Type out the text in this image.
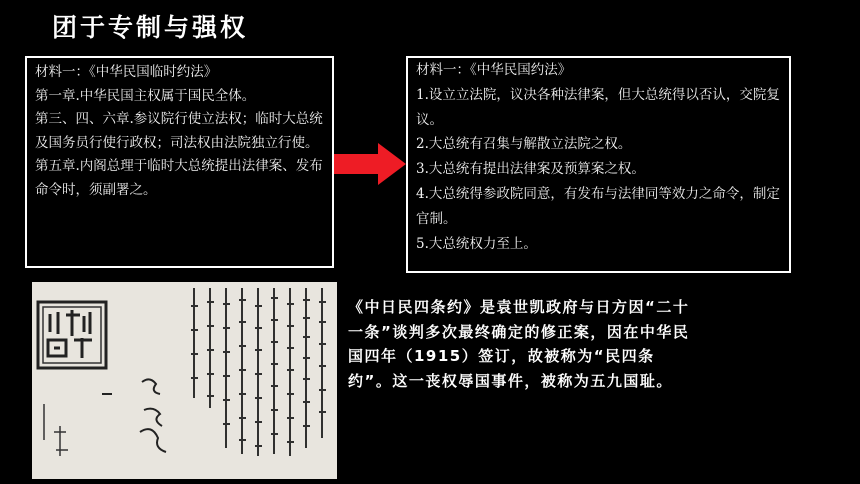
团于专制与强权

材料一：《中华民国临时约法》

第一章.中华民国主权属于国民全体。

第三、四、六章.参议院行使立法权；临时大总统及国务员行使行政权；司法权由法院独立行使。

第五章.内阁总理于临时大总统提出法律案、发布命令时，须副署之。

材料一：《中华民国约法》

1.设立立法院，议决各种法律案，但大总统得以否认，交院复议。

2.大总统有召集与解散立法院之权。

3.大总统有提出法律案及预算案之权。

4.大总统得参政院同意，有发布与法律同等效力之命令，制定官制。

5.大总统权力至上。

《中日民四条约》是袁世凯政府与日方因“二十一条”谈判多次最终确定的修正案，因在中华民国四年（1915）签订，故被称为“民四条约”。这一丧权辱国事件，被称为五九国耻。
